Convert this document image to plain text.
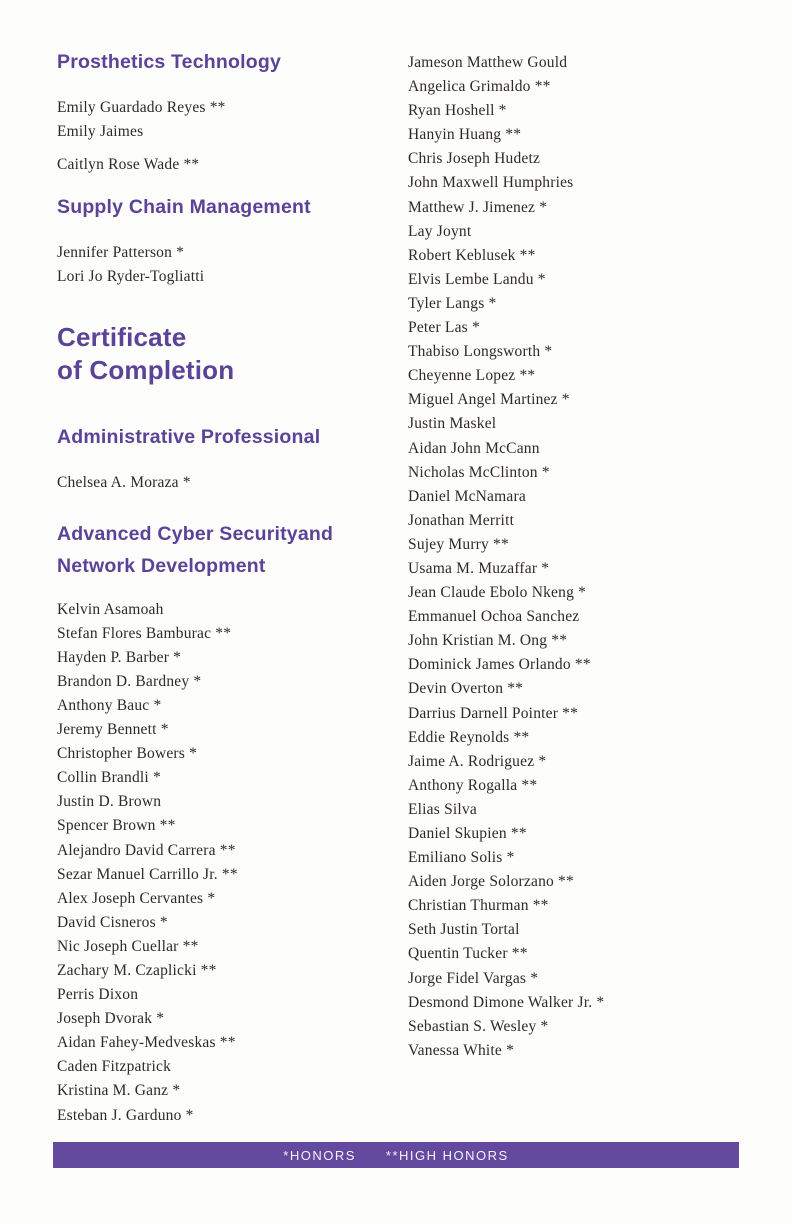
Prosthetics Technology
Emily Guardado Reyes **
Emily Jaimes
Caitlyn Rose Wade **
Supply Chain Management
Jennifer Patterson *
Lori Jo Ryder-Togliatti
Certificate
of Completion
Administrative Professional
Chelsea A. Moraza *
Advanced Cyber Securityand
Network Development
Kelvin Asamoah
Stefan Flores Bamburac **
Hayden P. Barber *
Brandon D. Bardney *
Anthony Bauc *
Jeremy Bennett *
Christopher Bowers *
Collin Brandli *
Justin D. Brown
Spencer Brown **
Alejandro David Carrera **
Sezar Manuel Carrillo Jr. **
Alex Joseph Cervantes *
David Cisneros *
Nic Joseph Cuellar **
Zachary M. Czaplicki **
Perris Dixon
Joseph Dvorak *
Aidan Fahey-Medveskas **
Caden Fitzpatrick
Kristina M. Ganz *
Esteban J. Garduno *
Jameson Matthew Gould
Angelica Grimaldo **
Ryan Hoshell *
Hanyin Huang **
Chris Joseph Hudetz
John Maxwell Humphries
Matthew J. Jimenez *
Lay Joynt
Robert Keblusek **
Elvis Lembe Landu *
Tyler Langs *
Peter Las *
Thabiso Longsworth *
Cheyenne Lopez **
Miguel Angel Martinez *
Justin Maskel
Aidan John McCann
Nicholas McClinton *
Daniel McNamara
Jonathan Merritt
Sujey Murry **
Usama M. Muzaffar *
Jean Claude Ebolo Nkeng *
Emmanuel Ochoa Sanchez
John Kristian M. Ong **
Dominick James Orlando **
Devin Overton **
Darrius Darnell Pointer **
Eddie Reynolds **
Jaime A. Rodriguez *
Anthony Rogalla **
Elias Silva
Daniel Skupien **
Emiliano Solis *
Aiden Jorge Solorzano **
Christian Thurman **
Seth Justin Tortal
Quentin Tucker **
Jorge Fidel Vargas *
Desmond Dimone Walker Jr. *
Sebastian S. Wesley *
Vanessa White *
*HONORS **HIGH HONORS
